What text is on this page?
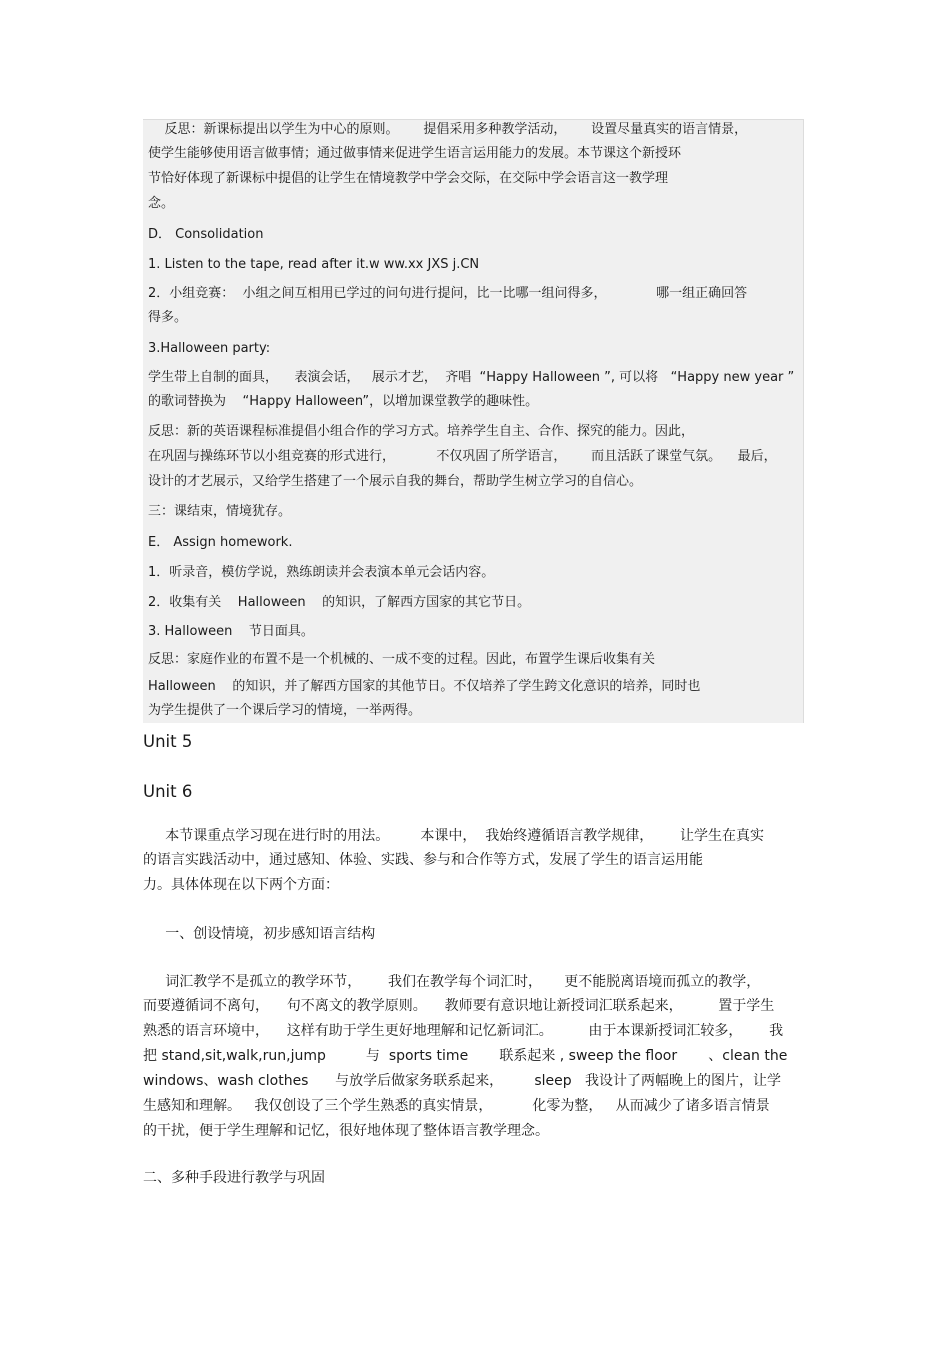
反思：新课标提出以学生为中心的原则。      提倡采用多种教学活动，      设置尽量真实的语言情景，
使学生能够使用语言做事情；通过做事情来促进学生语言运用能力的发展。本节课这个新授环
节恰好体现了新课标中提倡的让学生在情境教学中学会交际，在交际中学会语言这一教学理
念。
D． Consolidation
1. Listen to the tape, read after it.w ww.xx JXS j.CN
2．小组竞赛：  小组之间互相用已学过的问句进行提问，比一比哪一组问得多，            哪一组正确回答
得多。
3.Halloween party:
学生带上自制的面具，    表演会话，   展示才艺，  齐唱  “Happy Halloween ”, 可以将   “Happy new year ”
的歌词替换为    “Happy Halloween”，以增加课堂教学的趣味性。
反思：新的英语课程标准提倡小组合作的学习方式。培养学生自主、合作、探究的能力。因此，
在巩固与操练环节以小组竞赛的形式进行，          不仅巩固了所学语言，      而且活跃了课堂气氛。    最后，
设计的才艺展示，又给学生搭建了一个展示自我的舞台，帮助学生树立学习的自信心。
三：课结束，情境犹存。
E． Assign homework.
1．听录音，模仿学说，熟练朗读并会表演本单元会话内容。
2．收集有关    Halloween    的知识，了解西方国家的其它节日。
3. Halloween    节日面具。
反思：家庭作业的布置不是一个机械的、一成不变的过程。因此，布置学生课后收集有关
Halloween    的知识，并了解西方国家的其他节日。不仅培养了学生跨文化意识的培养，同时也
为学生提供了一个课后学习的情境，一举两得。
Unit 5
Unit 6
本节课重点学习现在进行时的用法。       本课中，  我始终遵循语言教学规律，      让学生在真实
的语言实践活动中，通过感知、体验、实践、参与和合作等方式，发展了学生的语言运用能
力。具体体现在以下两个方面：
一、创设情境，初步感知语言结构
词汇教学不是孤立的教学环节，      我们在教学每个词汇时，     更不能脱离语境而孤立的教学，
而要遵循词不离句，    句不离文的教学原则。    教师要有意识地让新授词汇联系起来，        置于学生
熟悉的语言环境中，    这样有助于学生更好地理解和记忆新词汇。        由于本课新授词汇较多，      我
把 stand,sit,walk,run,jump         与  sports time       联系起来 , sweep the floor       、clean the
windows、wash clothes      与放学后做家务联系起来，       sleep   我设计了两幅晚上的图片，让学
生感知和理解。   我仅创设了三个学生熟悉的真实情景，         化零为整，   从而减少了诸多语言情景
的干扰，便于学生理解和记忆，很好地体现了整体语言教学理念。
二、多种手段进行教学与巩固
